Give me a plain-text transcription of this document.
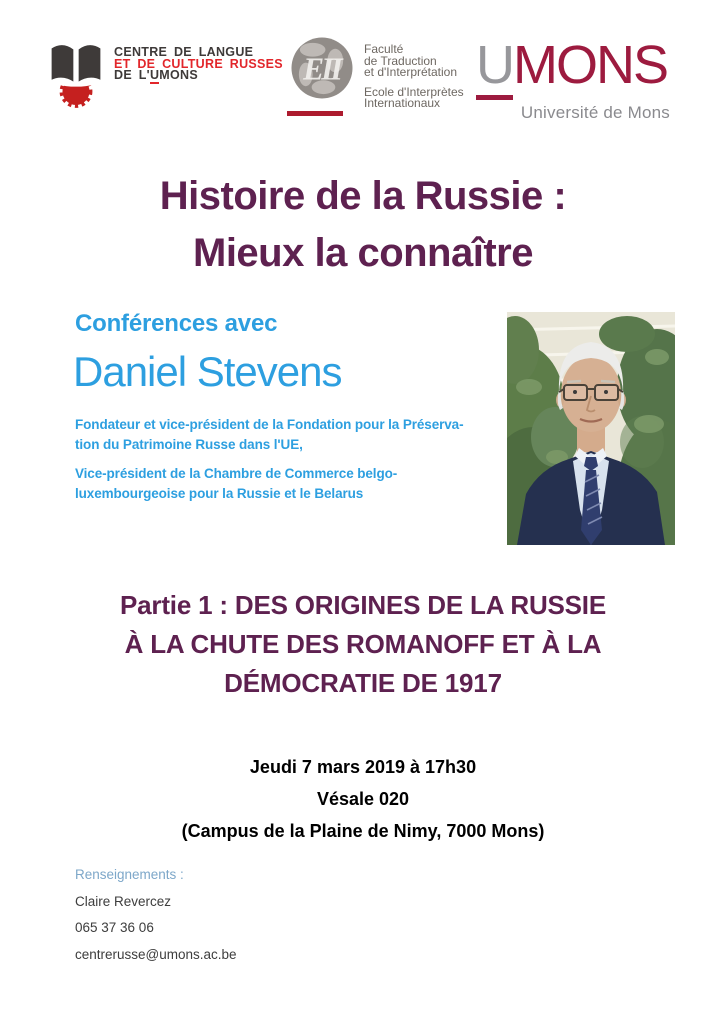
CENTRE DE LANGUE
ET DE CULTURE RUSSES
DE L'UMONS	EII
Faculté
de Traduction
et d'Interprétation
Ecole d'Interprètes
Internationaux
UMONS
Université de Mons
Histoire de la Russie :
Mieux la connaître
Conférences avec
Daniel Stevens
Fondateur et vice-président de la Fondation pour la Préserva-
tion du Patrimoine Russe dans l'UE,
Vice-président de la Chambre de Commerce belgo-
luxembourgeoise pour la Russie et le Belarus
Partie 1 : DES ORIGINES DE LA RUSSIE
À LA CHUTE DES ROMANOFF ET À LA
DÉMOCRATIE DE 1917
Jeudi 7 mars 2019 à 17h30
Vésale 020
(Campus de la Plaine de Nimy, 7000 Mons)
Renseignements :
Claire Revercez
065 37 36 06
centrerusse@umons.ac.be
